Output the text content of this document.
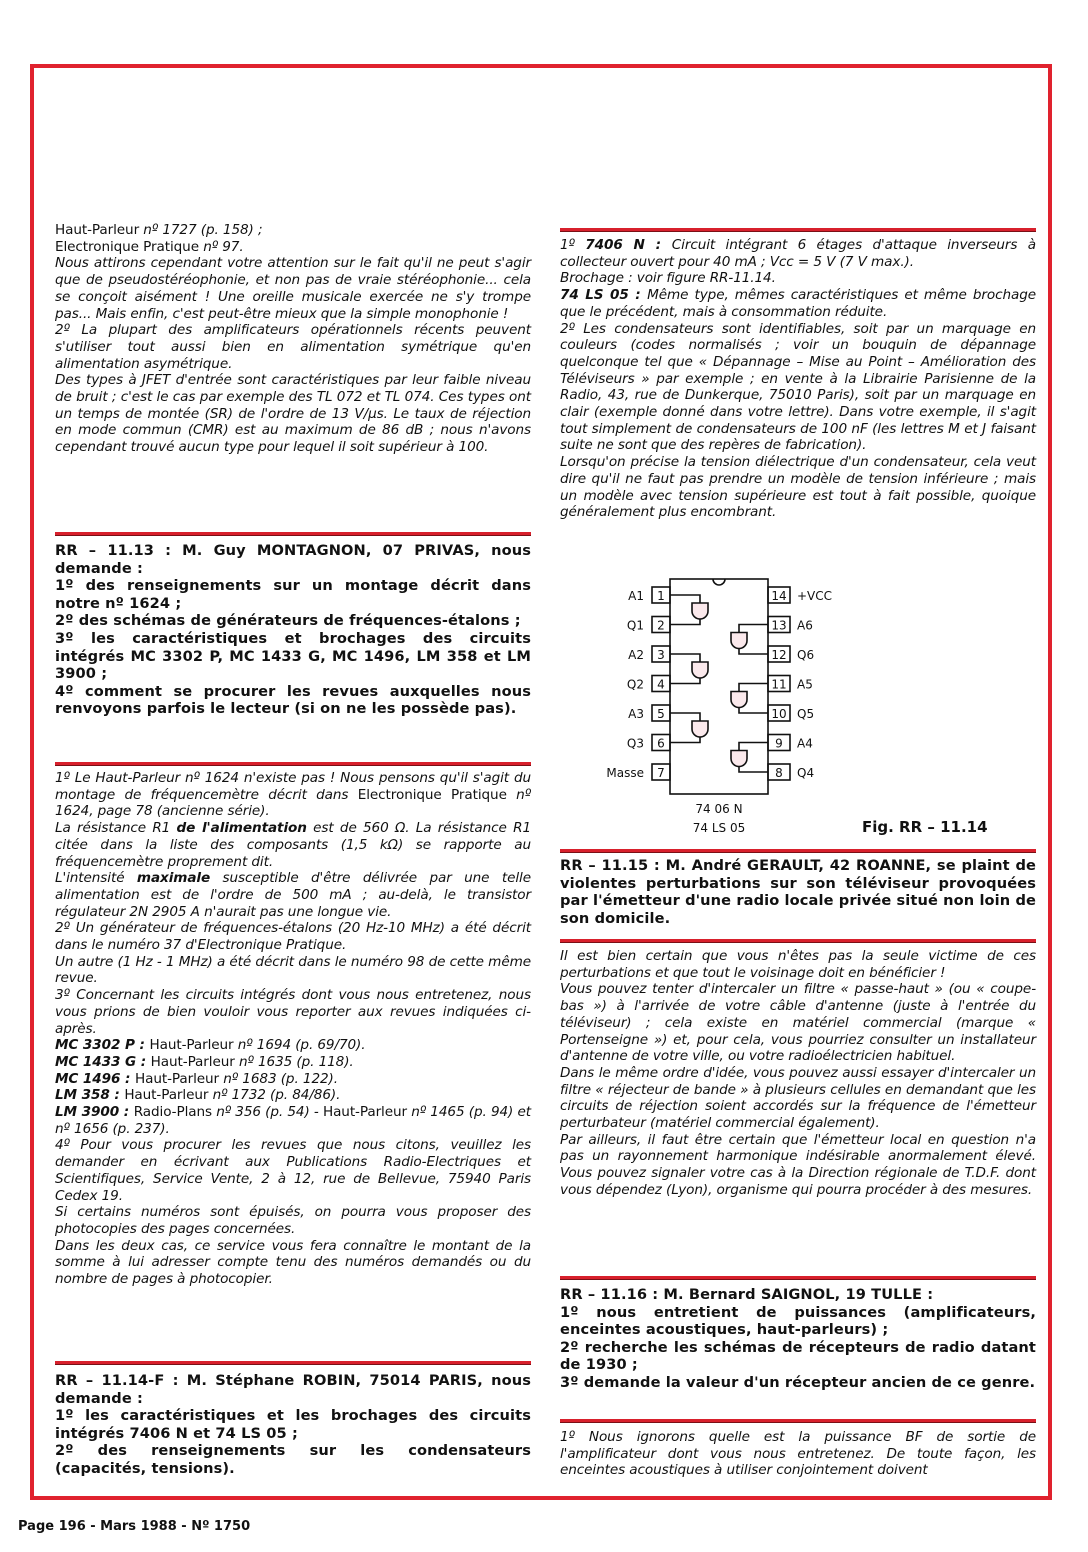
Haut-Parleur nº 1727 (p. 158) ;

Electronique Pratique nº 97.

Nous attirons cependant votre attention sur le fait qu'il ne peut s'agir que de pseudostéréophonie, et non pas de vraie stéréophonie... cela se conçoit aisément ! Une oreille musicale exercée ne s'y trompe pas... Mais enfin, c'est peut-être mieux que la simple monophonie !

2º La plupart des amplificateurs opérationnels récents peuvent s'utiliser tout aussi bien en alimentation symétrique qu'en alimentation asymétrique.

Des types à JFET d'entrée sont caractéristiques par leur faible niveau de bruit ; c'est le cas par exemple des TL 072 et TL 074. Ces types ont un temps de montée (SR) de l'ordre de 13 V/µs. Le taux de réjection en mode commun (CMR) est au maximum de 86 dB ; nous n'avons cependant trouvé aucun type pour lequel il soit supérieur à 100.

RR – 11.13 : M. Guy MONTAGNON, 07 PRIVAS, nous demande :

1º des renseignements sur un montage décrit dans notre nº 1624 ;

2º des schémas de générateurs de fréquences-étalons ;

3º les caractéristiques et brochages des circuits intégrés MC 3302 P, MC 1433 G, MC 1496, LM 358 et LM 3900 ;

4º comment se procurer les revues auxquelles nous renvoyons parfois le lecteur (si on ne les possède pas).

1º Le Haut-Parleur nº 1624 n'existe pas ! Nous pensons qu'il s'agit du montage de fréquencemètre décrit dans Electronique Pratique nº 1624, page 78 (ancienne série).

La résistance R1 de l'alimentation est de 560 Ω. La résistance R1 citée dans la liste des composants (1,5 kΩ) se rapporte au fréquencemètre proprement dit.

L'intensité maximale susceptible d'être délivrée par une telle alimentation est de l'ordre de 500 mA ; au-delà, le transistor régulateur 2N 2905 A n'aurait pas une longue vie.

2º Un générateur de fréquences-étalons (20 Hz-10 MHz) a été décrit dans le numéro 37 d'Electronique Pratique.

Un autre (1 Hz - 1 MHz) a été décrit dans le numéro 98 de cette même revue.

3º Concernant les circuits intégrés dont vous nous entretenez, nous vous prions de bien vouloir vous reporter aux revues indiquées ci-après.

MC 3302 P : Haut-Parleur nº 1694 (p. 69/70).

MC 1433 G : Haut-Parleur nº 1635 (p. 118).

MC 1496 : Haut-Parleur nº 1683 (p. 122).

LM 358 : Haut-Parleur nº 1732 (p. 84/86).

LM 3900 : Radio-Plans nº 356 (p. 54) - Haut-Parleur nº 1465 (p. 94) et nº 1656 (p. 237).

4º Pour vous procurer les revues que nous citons, veuillez les demander en écrivant aux Publications Radio-Electriques et Scientifiques, Service Vente, 2 à 12, rue de Bellevue, 75940 Paris Cedex 19.

Si certains numéros sont épuisés, on pourra vous proposer des photocopies des pages concernées.

Dans les deux cas, ce service vous fera connaître le montant de la somme à lui adresser compte tenu des numéros demandés ou du nombre de pages à photocopier.

RR – 11.14-F : M. Stéphane ROBIN, 75014 PARIS, nous demande :

1º les caractéristiques et les brochages des circuits intégrés 7406 N et 74 LS 05 ;

2º des renseignements sur les condensateurs (capacités, tensions).

1º 7406 N : Circuit intégrant 6 étages d'attaque inverseurs à collecteur ouvert pour 40 mA ; Vcc = 5 V (7 V max.).

Brochage : voir figure RR-11.14.

74 LS 05 : Même type, mêmes caractéristiques et même brochage que le précédent, mais à consommation réduite.

2º Les condensateurs sont identifiables, soit par un marquage en couleurs (codes normalisés ; voir un bouquin de dépannage quelconque tel que « Dépannage – Mise au Point – Amélioration des Téléviseurs » par exemple ; en vente à la Librairie Parisienne de la Radio, 43, rue de Dunkerque, 75010 Paris), soit par un marquage en clair (exemple donné dans votre lettre). Dans votre exemple, il s'agit tout simplement de condensateurs de 100 nF (les lettres M et J faisant suite ne sont que des repères de fabrication).

Lorsqu'on précise la tension diélectrique d'un condensateur, cela veut dire qu'il ne faut pas prendre un modèle de tension inférieure ; mais un modèle avec tension supérieure est tout à fait possible, quoique généralement plus encombrant.

1
A1
2
Q1
3
A2
4
Q2
5
A3
6
Q3
7
Masse
14 +VCC
13 A6
12 Q6
11 A5
10 Q5
9 A4
8 Q4
74 06 N
74 LS 05	Fig. RR – 11.14

RR – 11.15 : M. André GERAULT, 42 ROANNE, se plaint de violentes perturbations sur son téléviseur provoquées par l'émetteur d'une radio locale privée situé non loin de son domicile.

Il est bien certain que vous n'êtes pas la seule victime de ces perturbations et que tout le voisinage doit en bénéficier !

Vous pouvez tenter d'intercaler un filtre « passe-haut » (ou « coupe-bas ») à l'arrivée de votre câble d'antenne (juste à l'entrée du téléviseur) ; cela existe en matériel commercial (marque « Portenseigne ») et, pour cela, vous pourriez consulter un installateur d'antenne de votre ville, ou votre radioélectricien habituel.

Dans le même ordre d'idée, vous pouvez aussi essayer d'intercaler un filtre « réjecteur de bande » à plusieurs cellules en demandant que les circuits de réjection soient accordés sur la fréquence de l'émetteur perturbateur (matériel commercial également).

Par ailleurs, il faut être certain que l'émetteur local en question n'a pas un rayonnement harmonique indésirable anormalement élevé. Vous pouvez signaler votre cas à la Direction régionale de T.D.F. dont vous dépendez (Lyon), organisme qui pourra procéder à des mesures.

RR – 11.16 : M. Bernard SAIGNOL, 19 TULLE :

1º nous entretient de puissances (amplificateurs, enceintes acoustiques, haut-parleurs) ;

2º recherche les schémas de récepteurs de radio datant de 1930 ;

3º demande la valeur d'un récepteur ancien de ce genre.

1º Nous ignorons quelle est la puissance BF de sortie de l'amplificateur dont vous nous entretenez. De toute façon, les enceintes acoustiques à utiliser conjointement doivent

Page 196 - Mars 1988 - Nº 1750
